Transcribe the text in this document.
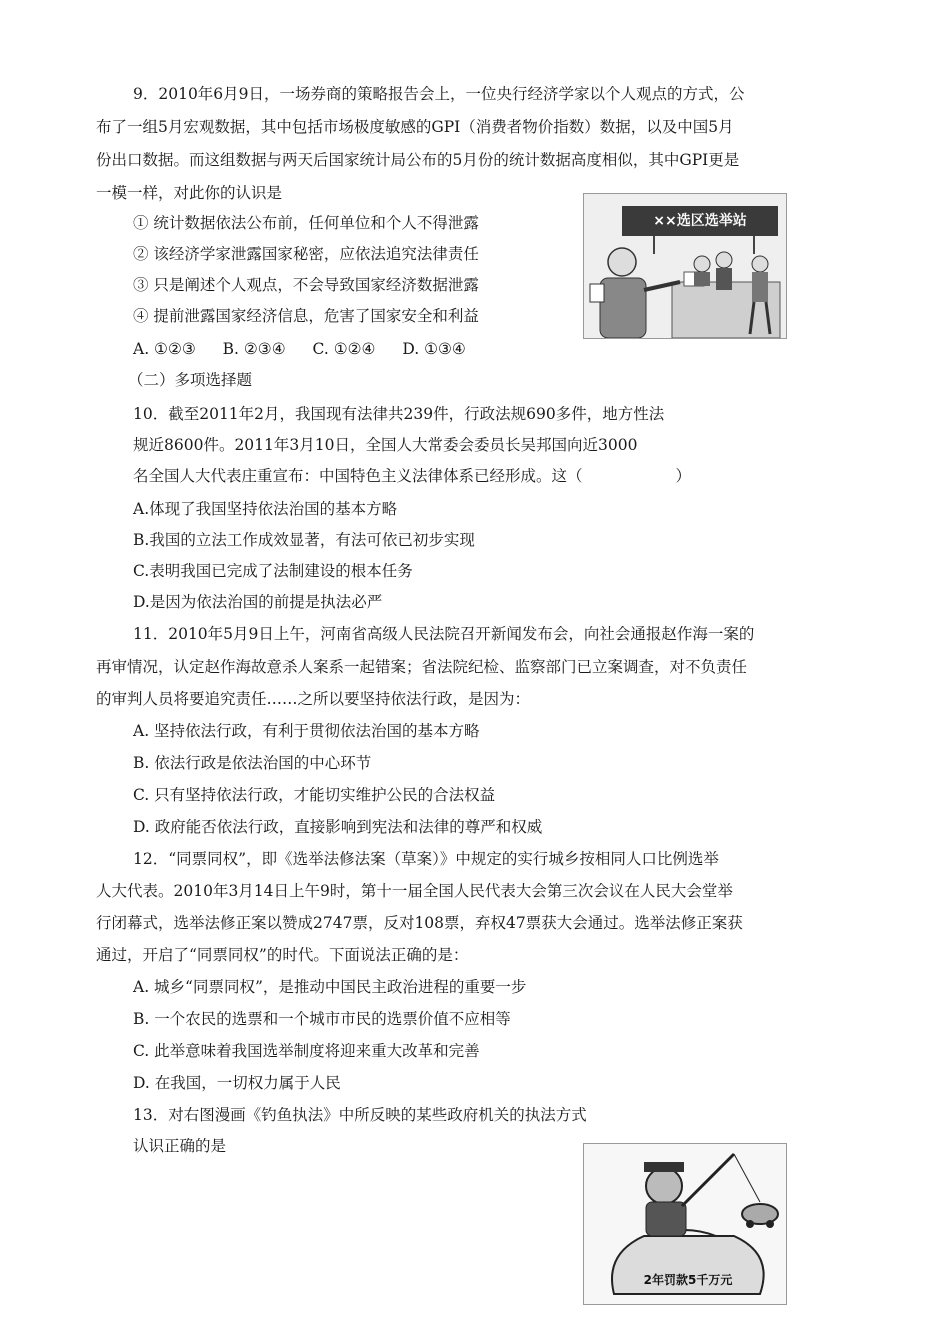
9．2010年6月9日，一场券商的策略报告会上，一位央行经济学家以个人观点的方式，公
布了一组5月宏观数据，其中包括市场极度敏感的GPI（消费者物价指数）数据，以及中国5月
份出口数据。而这组数据与两天后国家统计局公布的5月份的统计数据高度相似，其中GPI更是
一模一样，对此你的认识是
① 统计数据依法公布前，任何单位和个人不得泄露
② 该经济学家泄露国家秘密，应依法追究法律责任
③ 只是阐述个人观点，不会导致国家经济数据泄露
④ 提前泄露国家经济信息，危害了国家安全和利益
A. ①②③ B. ②③④ C. ①②④ D. ①③④
××选区选举站
（二）多项选择题
10．截至2011年2月，我国现有法律共239件，行政法规690多件，地方性法
规近8600件。2011年3月10日，全国人大常委会委员长吴邦国向近3000
名全国人大代表庄重宣布：中国特色主义法律体系已经形成。这（　　　　　　）
A.体现了我国坚持依法治国的基本方略
B.我国的立法工作成效显著，有法可依已初步实现
C.表明我国已完成了法制建设的根本任务
D.是因为依法治国的前提是执法必严
11．2010年5月9日上午，河南省高级人民法院召开新闻发布会，向社会通报赵作海一案的
再审情况，认定赵作海故意杀人案系一起错案；省法院纪检、监察部门已立案调查，对不负责任
的审判人员将要追究责任……之所以要坚持依法行政，是因为：
A. 坚持依法行政，有利于贯彻依法治国的基本方略
B. 依法行政是依法治国的中心环节
C. 只有坚持依法行政，才能切实维护公民的合法权益
D. 政府能否依法行政，直接影响到宪法和法律的尊严和权威
12．“同票同权”，即《选举法修法案（草案）》中规定的实行城乡按相同人口比例选举
人大代表。2010年3月14日上午9时，第十一届全国人民代表大会第三次会议在人民大会堂举
行闭幕式，选举法修正案以赞成2747票，反对108票，弃权47票获大会通过。选举法修正案获
通过，开启了“同票同权”的时代。下面说法正确的是：
A. 城乡“同票同权”，是推动中国民主政治进程的重要一步
B. 一个农民的选票和一个城市市民的选票价值不应相等
C. 此举意味着我国选举制度将迎来重大改革和完善
D. 在我国，一切权力属于人民
13．对右图漫画《钓鱼执法》中所反映的某些政府机关的执法方式
认识正确的是
2年罚款5千万元
